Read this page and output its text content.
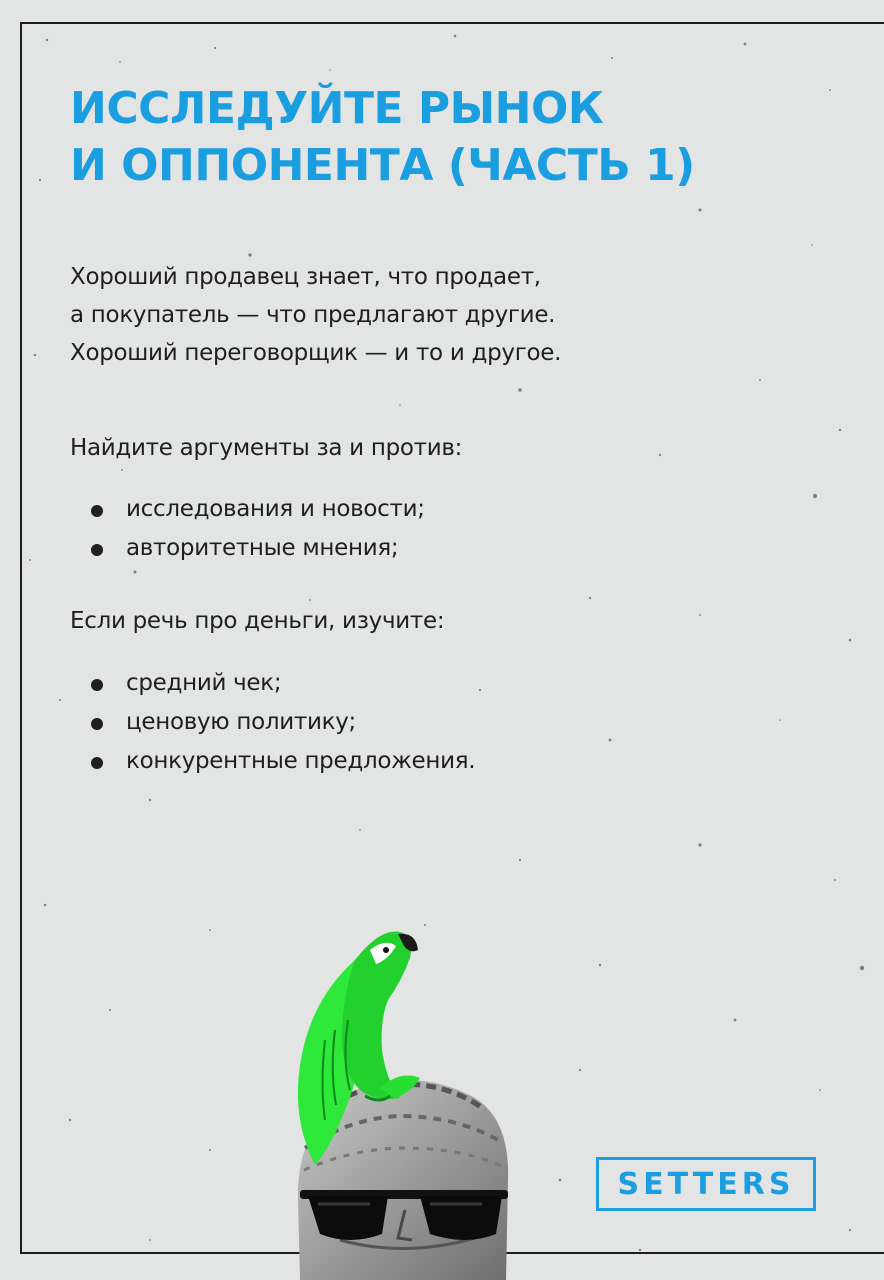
ИССЛЕДУЙТЕ РЫНОК
И ОППОНЕНТА (ЧАСТЬ 1)
Хороший продавец знает, что продает,
а покупатель — что предлагают другие.
Хороший переговорщик — и то и другое.
Найдите аргументы за и против:
исследования и новости;
авторитетные мнения;
Если речь про деньги, изучите:
средний чек;
ценовую политику;
конкурентные предложения.
SETTERS
